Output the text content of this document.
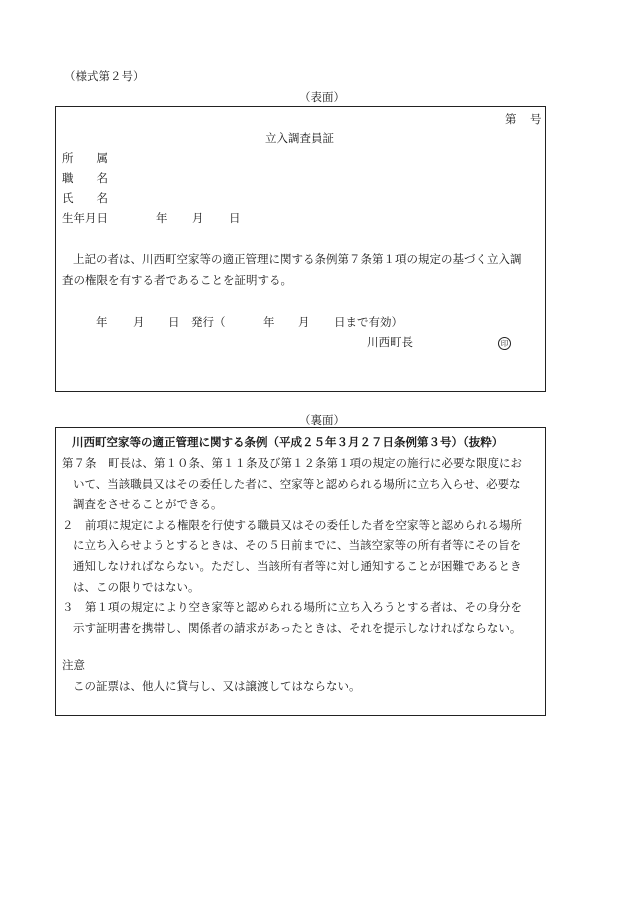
（様式第２号）
（表面）
第 号
立入調査員証
所　　属
職　　名
氏　　名
生年月日	年 月 日
上記の者は、川西町空家等の適正管理に関する条例第７条第１項の規定の基づく立入調
査の権限を有する者であることを証明する。
年 月 日 発行（	年 月 日まで有効）
川西町長	印
（裏面）
川西町空家等の適正管理に関する条例（平成２５年３月２７日条例第３号）（抜粋）
第７条　町長は、第１０条、第１１条及び第１２条第１項の規定の施行に必要な限度にお
いて、当該職員又はその委任した者に、空家等と認められる場所に立ち入らせ、必要な
調査をさせることができる。
２　前項に規定による権限を行使する職員又はその委任した者を空家等と認められる場所
に立ち入らせようとするときは、その５日前までに、当該空家等の所有者等にその旨を
通知しなければならない。ただし、当該所有者等に対し通知することが困難であるとき
は、この限りではない。
３　第１項の規定により空き家等と認められる場所に立ち入ろうとする者は、その身分を
示す証明書を携帯し、関係者の請求があったときは、それを提示しなければならない。
注意
この証票は、他人に貸与し、又は譲渡してはならない。
